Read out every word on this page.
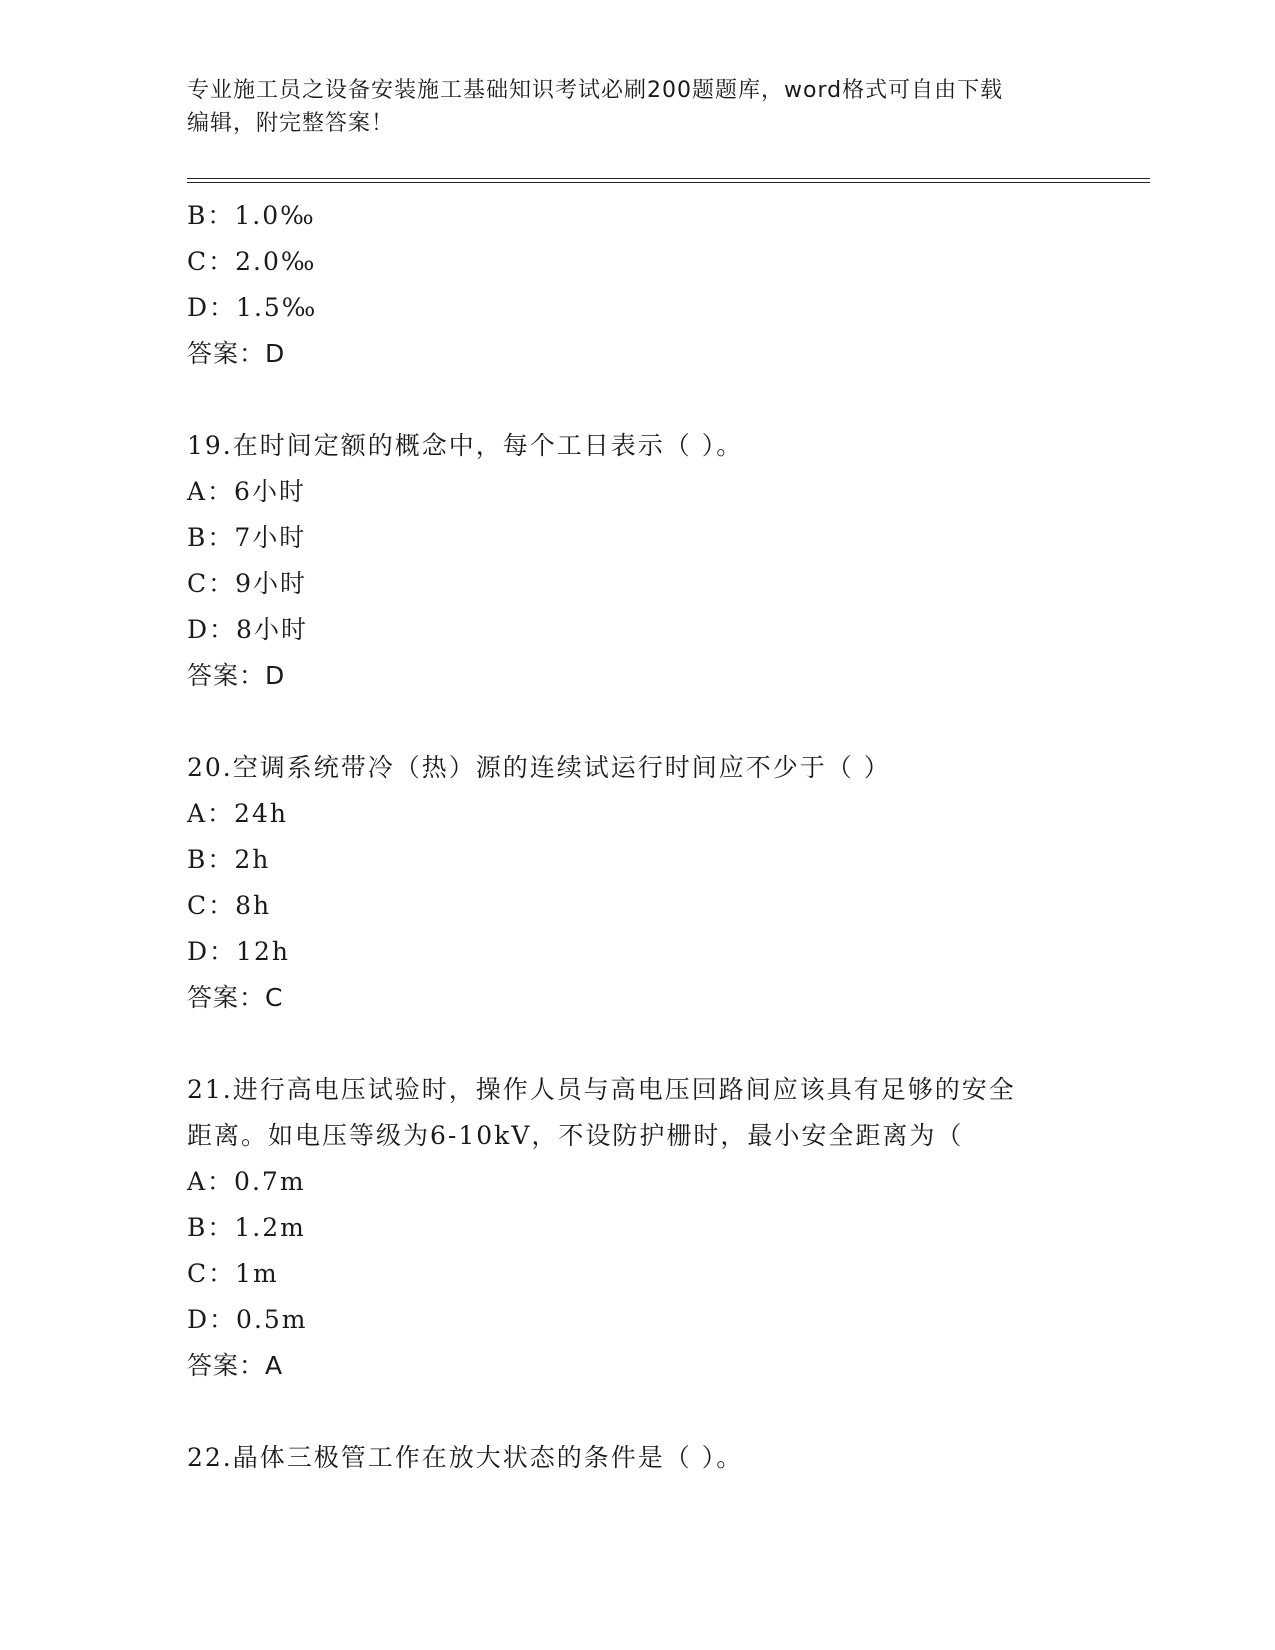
专业施工员之设备安装施工基础知识考试必刷200题题库，word格式可自由下载
编辑，附完整答案！
B：1.0‰
C：2.0‰
D：1.5‰
答案：D
19.在时间定额的概念中，每个工日表示（ ）。
A：6小时
B：7小时
C：9小时
D：8小时
答案：D
20.空调系统带冷（热）源的连续试运行时间应不少于（ ）
A：24h
B：2h
C：8h
D：12h
答案：C
21.进行高电压试验时，操作人员与高电压回路间应该具有足够的安全
距离。如电压等级为6-10kV，不设防护栅时，最小安全距离为（
A：0.7m
B：1.2m
C：1m
D：0.5m
答案：A
22.晶体三极管工作在放大状态的条件是（ ）。
